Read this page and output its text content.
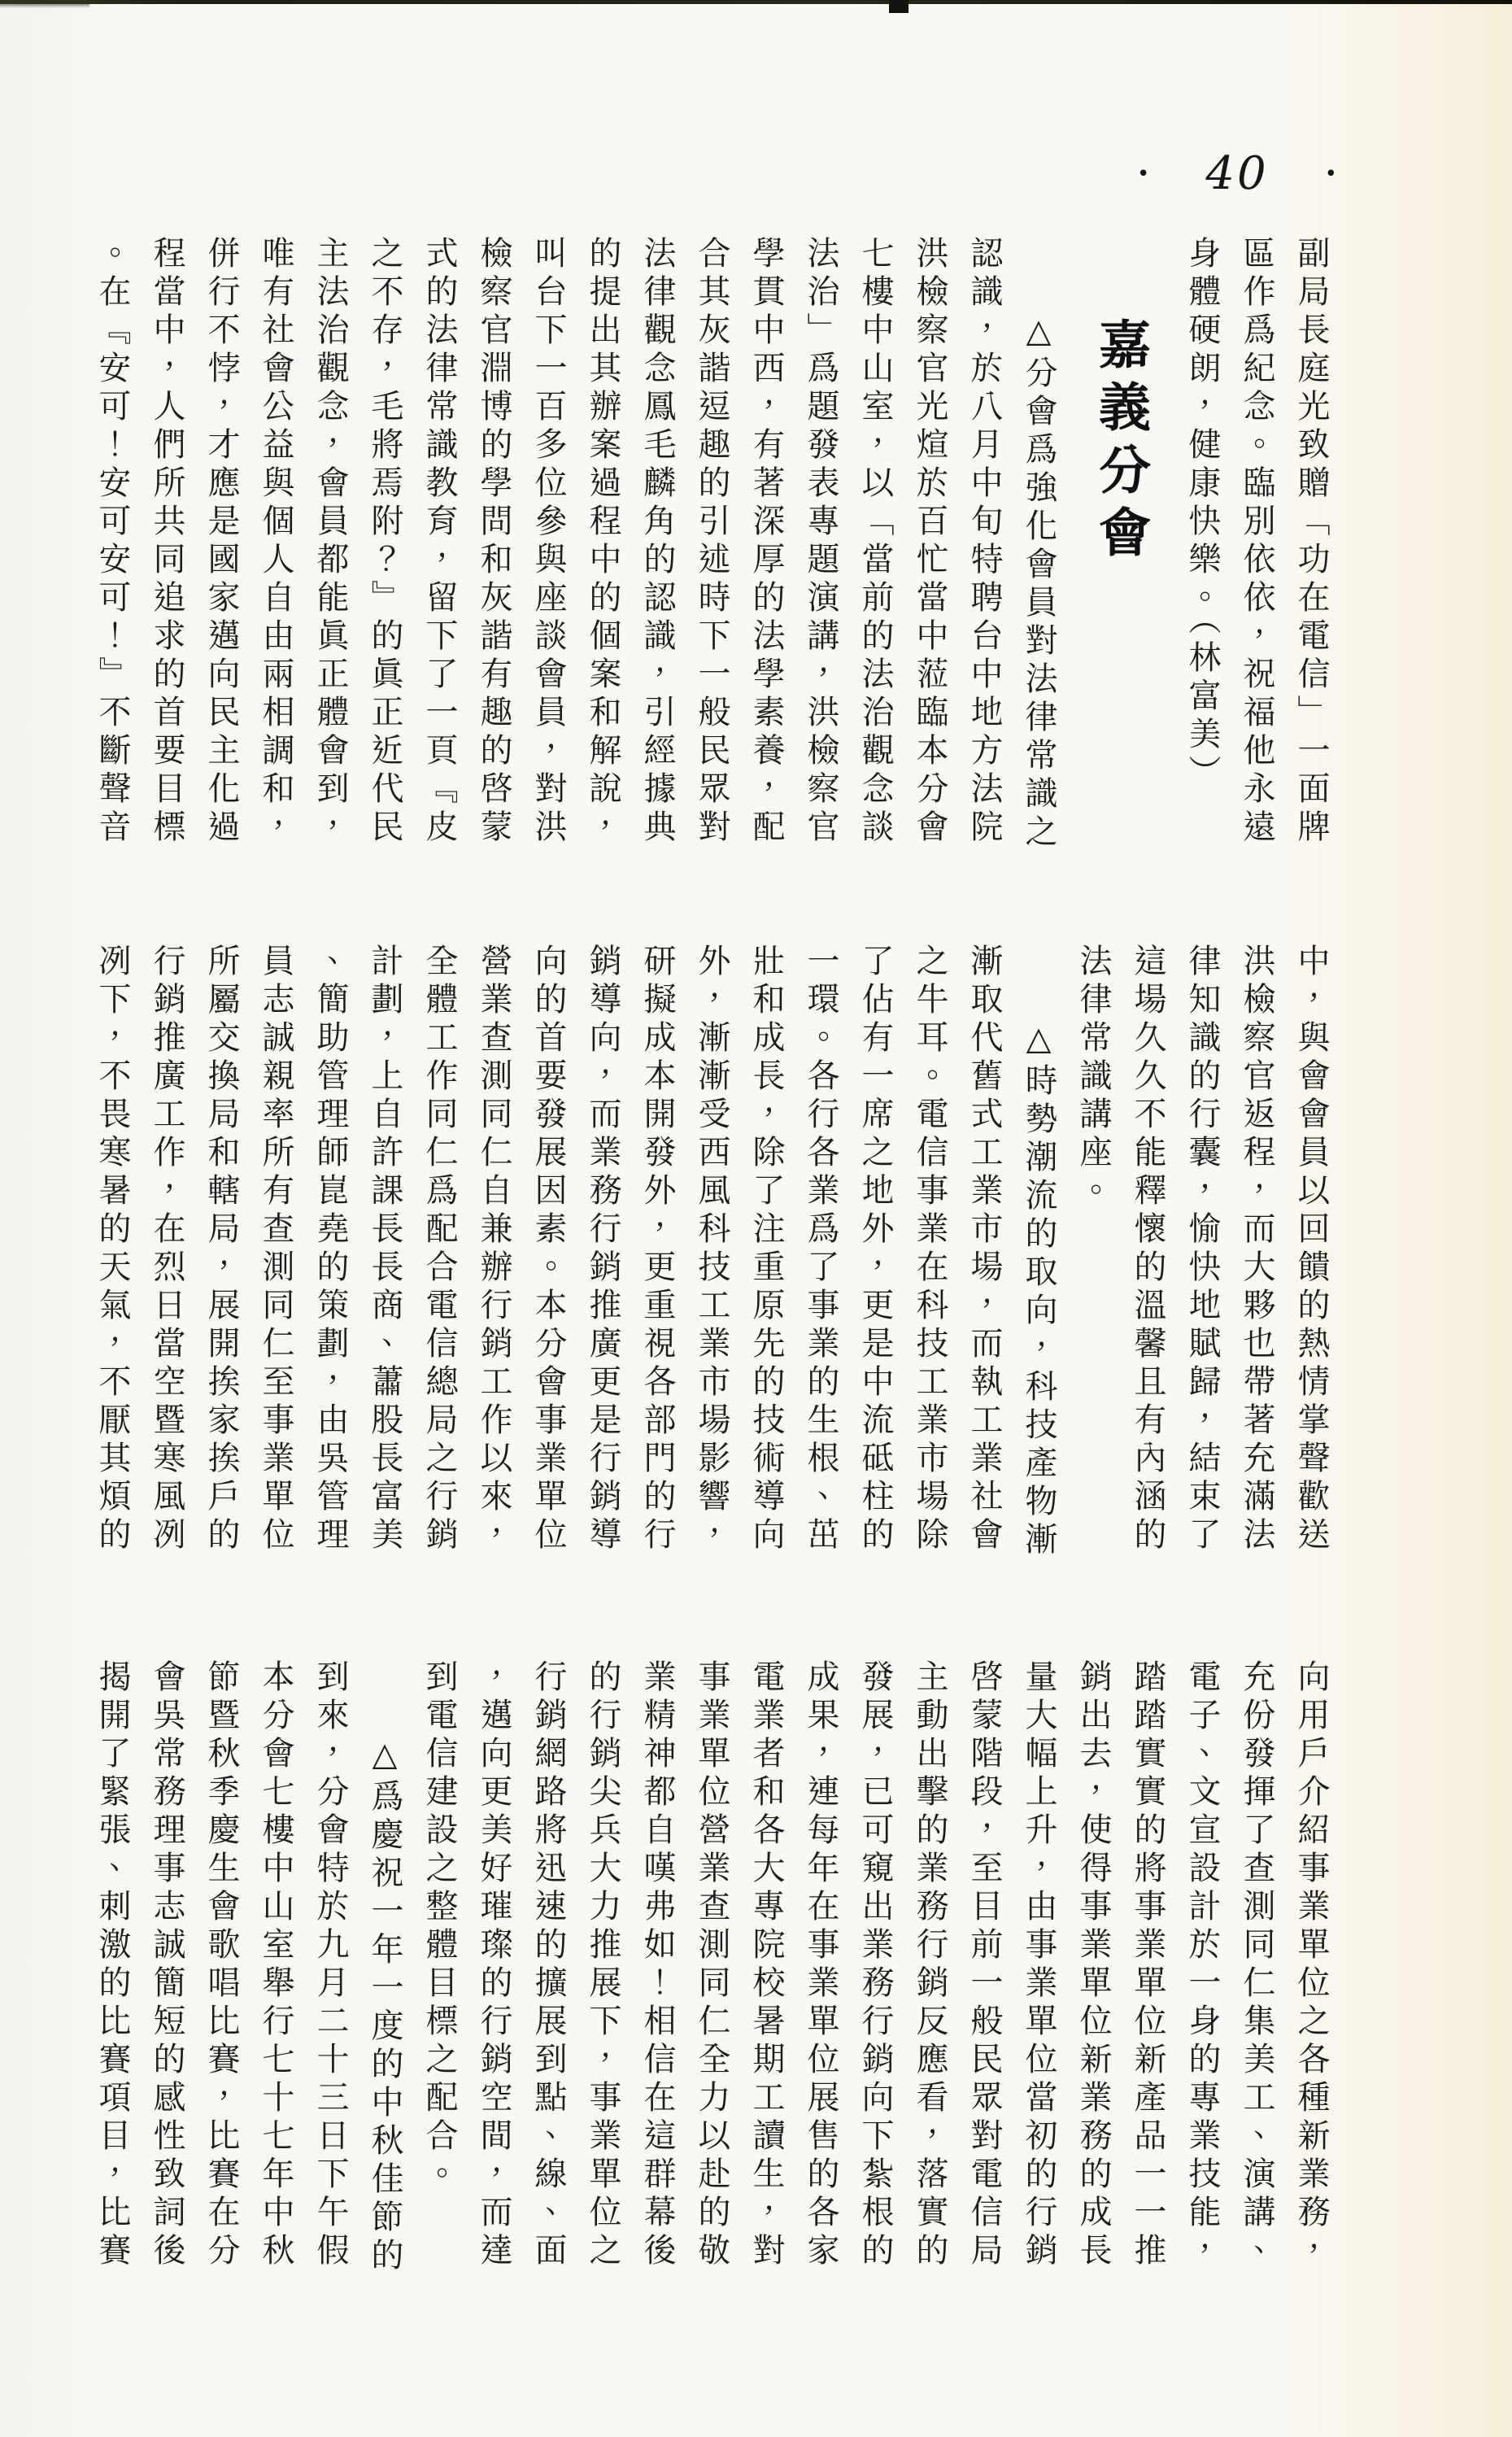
• 40	•
副局長庭光致贈「功在電信」一面牌
區作爲紀念。臨別依依，祝福他永遠
身體硬朗，健康快樂。（林富美）
嘉義分會
△分會爲強化會員對法律常識之
認識，於八月中旬特聘台中地方法院
洪檢察官光煊於百忙當中蒞臨本分會
七樓中山室，以「當前的法治觀念談
法治」爲題發表專題演講，洪檢察官
學貫中西，有著深厚的法學素養，配
合其灰諧逗趣的引述時下一般民眾對
法律觀念鳳毛麟角的認識，引經據典
的提出其辦案過程中的個案和解說，
叫台下一百多位參與座談會員，對洪
檢察官淵博的學問和灰諧有趣的啓蒙
式的法律常識教育，留下了一頁『皮
之不存，毛將焉附？』的眞正近代民
主法治觀念，會員都能眞正體會到，
唯有社會公益與個人自由兩相調和，
併行不悖，才應是國家邁向民主化過
程當中，人們所共同追求的首要目標
。在『安可！安可安可！』不斷聲音
中，與會會員以回饋的熱情掌聲歡送
洪檢察官返程，而大夥也帶著充滿法
律知識的行囊，愉快地賦歸，結束了
這場久久不能釋懷的溫馨且有內涵的
法律常識講座。
△時勢潮流的取向，科技產物漸
漸取代舊式工業市場，而執工業社會
之牛耳。電信事業在科技工業市場除
了佔有一席之地外，更是中流砥柱的
一環。各行各業爲了事業的生根、茁
壯和成長，除了注重原先的技術導向
外，漸漸受西風科技工業市場影響，
研擬成本開發外，更重視各部門的行
銷導向，而業務行銷推廣更是行銷導
向的首要發展因素。本分會事業單位
營業查測同仁自兼辦行銷工作以來，
全體工作同仁爲配合電信總局之行銷
計劃，上自許課長長商、蕭股長富美
、簡助管理師崑堯的策劃，由吳管理
員志誠親率所有查測同仁至事業單位
所屬交換局和轄局，展開挨家挨戶的
行銷推廣工作，在烈日當空暨寒風冽
冽下，不畏寒暑的天氣，不厭其煩的
向用戶介紹事業單位之各種新業務，
充份發揮了查測同仁集美工、演講、
電子、文宣設計於一身的專業技能，
踏踏實實的將事業單位新產品一一推
銷出去，使得事業單位新業務的成長
量大幅上升，由事業單位當初的行銷
啓蒙階段，至目前一般民眾對電信局
主動出擊的業務行銷反應看，落實的
發展，已可窺出業務行銷向下紮根的
成果，連每年在事業單位展售的各家
電業者和各大專院校暑期工讀生，對
事業單位營業查測同仁全力以赴的敬
業精神都自嘆弗如！相信在這群幕後
的行銷尖兵大力推展下，事業單位之
行銷網路將迅速的擴展到點、線、面
，邁向更美好璀璨的行銷空間，而達
到電信建設之整體目標之配合。
△爲慶祝一年一度的中秋佳節的
到來，分會特於九月二十三日下午假
本分會七樓中山室舉行七十七年中秋
節暨秋季慶生會歌唱比賽，比賽在分
會吳常務理事志誠簡短的感性致詞後
揭開了緊張、刺激的比賽項目，比賽
